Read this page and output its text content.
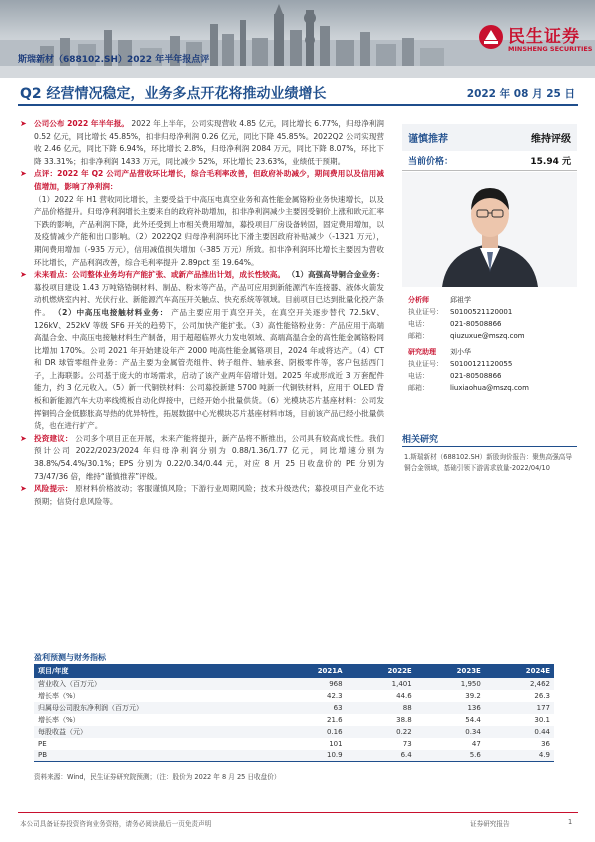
民生证券
MINSHENG SECURITIES
斯瑞新材（688102.SH）2022 年半年报点评
Q2 经营情况稳定，业务多点开花将推动业绩增长	2022 年 08 月 25 日

➤ 公司公布 2022 年半年报。 2022 年上半年，公司实现营收 4.85 亿元，同比增长 6.77%，归母净利润 0.52 亿元，同比增长 45.85%，扣非归母净利润 0.26 亿元，同比下降 45.85%。2022Q2 公司实现营收 2.46 亿元，同比下降 6.94%，环比增长 2.8%，归母净利润 2084 万元，同比下降 8.07%，环比下降 33.31%；扣非净利润 1433 万元，同比减少 52%，环比增长 23.63%，业绩低于预期。

➤ 点评：2022 年 Q2 公司产品营收环比增长，综合毛利率改善，但政府补助减少，期间费用以及信用减值增加，影响了净利润：

（1）2022 年 H1 营收同比增长，主要受益于中高压电真空业务和高性能金属铬粉业务快速增长，以及产品价格提升。归母净利润增长主要来自的政府补助增加，扣非净利润减少主要因受铜价上涨和欧元汇率下跌的影响，产品利润下降，此外还受到上市相关费用增加，募投项目厂房设备转固，固定费用增加，以及疫情减少产能和出口影响。（2）2022Q2 归母净利润环比下滑主要因政府补贴减少（-1321 万元），期间费用增加（-935 万元），信用减值损失增加（-385 万元）所致。扣非净利润环比增长主要因为营收环比增长，产品利润改善，综合毛利率提升 2.89pct 至 19.64%。

➤ 未来看点：公司整体业务均有产能扩张、或新产品推出计划，成长性较高。 （1）高强高导铜合金业务： 募投项目建设 1.43 万吨铬锆铜材料、制品、粉末等产品，产品可应用到新能源汽车连接器、液体火箭发动机燃烧室内衬、光伏行业、新能源汽车高压开关触点、快充系统等领域。目前项目已达到批量化投产条件。 （2）中高压电接触材料业务： 产品主要应用于真空开关，在真空开关逐步替代 72.5kV、126kV、252kV 等级 SF6 开关的趋势下，公司加快产能扩张。（3）高性能铬粉业务：产品应用于高端高温合金、中高压电接触材料生产制备，用于超超临界火力发电领域、高端高温合金的高性能金属铬粉同比增加 170%。公司 2021 年开始建设年产 2000 吨高性能金属铬项目，2024 年或将达产。（4）CT 和 DR 球管零组件业务：产品主要为金属管壳组件、转子组件、轴承套、阴极零件等，客户包括西门子，上海联影。公司基于庞大的市场需求，启动了该产业两年倍增计划。2025 年或形成近 3 万套配件能力，约 3 亿元收入。（5）新一代铜铁材料：公司募投新建 5700 吨新一代铜铁材料，应用于 OLED 背板和新能源汽车大功率线缆板自动化焊接中，已经开始小批量供货。（6）光模块芯片基座材料：公司发挥铜钨合金低膨胀高导热的优异特性，拓展数据中心光模块芯片基座材料市场，目前该产品已经小批量供货，也在进行扩产。

➤ 投资建议： 公司多个项目正在开展，未来产能将提升，新产品将不断推出，公司具有较高成长性。我们预计公司 2022/2023/2024 年归母净利润分别为 0.88/1.36/1.77 亿元，同比增速分别为 38.8%/54.4%/30.1%；EPS 分别为 0.22/0.34/0.44 元，对应 8 月 25 日收盘价的 PE 分别为 73/47/36 倍，维持“谨慎推荐”评级。

➤ 风险提示： 原材料价格波动；客服谨慎风险；下游行业周期风险；技术升级迭代；募投项目产业化不达预期；信贷付息风险等。

谨慎推荐	维持评级
当前价格：	15.94 元
分析师	邱祖学
执业证号：	S0100521120001
电话：	021-80508866
邮箱：	qiuzuxue@mszq.com
研究助理	刘小华
执业证号：	S0100121120055
电话：	021-80508866
邮箱：	liuxiaohua@mszq.com
相关研究
1.斯瑞新材（688102.SH）新股询价报告：聚焦高强高导铜合金领域，基础引领下游需求放量-2022/04/10
盈利预测与财务指标
项目/年度	2021A	2022E	2023E	2024E
营业收入（百万元）	968	1,401	1,950	2,462
增长率（%）	42.3	44.6	39.2	26.3
归属母公司股东净利润（百万元）	63	88	136	177
增长率（%）	21.6	38.8	54.4	30.1
每股收益（元）	0.16	0.22	0.34	0.44
PE	101	73	47	36
PB	10.9	6.4	5.6	4.9
资料来源：Wind，民生证券研究院预测；（注：股价为 2022 年 8 月 25 日收盘价）
本公司具备证券投资咨询业务资格，请务必阅读最后一页免责声明	证券研究报告	1
